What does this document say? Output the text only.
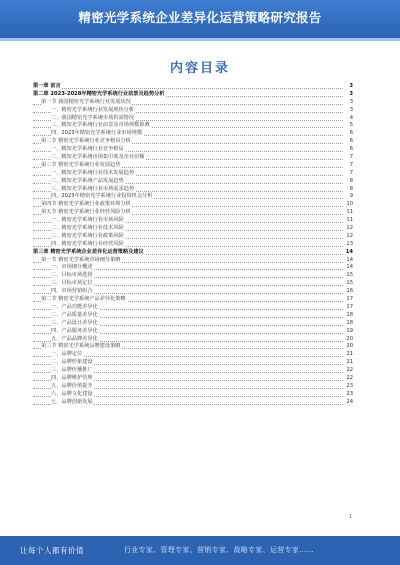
精密光学系统企业差异化运营策略研究报告
内容目录
第一章 前言	3
第二章 2023-2028年精密光学系统行业前景及趋势分析	3
第一节 我国精密光学系统行业发展状况	3
一、精密光学系统行业发展现状分析	3
二、我国精密光学系统市场供需情况	4
三、精密光学系统行业前景及市场规模预测	5
四、2023年精密光学系统行业市场规模	6
第二节 精密光学系统行业竞争格局分析	6
一、精密光学系统行业竞争格局	6
二、精密光学系统市场集中度及企业份额	7
第三节 精密光学系统行业发展趋势	7
一、精密光学系统行业技术发展趋势	7
二、精密光学系统产品发展趋势	8
三、精密光学系统行业市场需求趋势	8
四、2023年精密光学系统行业投资机会分析	9
第四节 精密光学系统行业政策环境分析	10
第五节 精密光学系统行业经营风险分析	11
一、精密光学系统行业市场风险	11
二、精密光学系统行业技术风险	12
三、精密光学系统行业政策风险	12
四、精密光学系统行业经营风险	13
第三章 精密光学系统企业差异化运营策略及建议	14
第一节 精密光学系统市场细分策略	14
一、市场细分概述	14
二、目标市场选择	15
三、目标市场定位	15
四、市场营销组合	16
第二节 精密光学系统产品差异化策略	17
一、产品功能差异化	17
二、产品质量差异化	18
三、产品设计差异化	18
四、产品服务差异化	19
五、产品品牌差异化	20
第三节 精密光学系统品牌建设策略	20
一、品牌定位	21
二、品牌形象建设	21
三、品牌传播推广	22
四、品牌维护管理	22
五、品牌价值提升	23
六、品牌文化建设	23
七、品牌创新发展	24
1
让每个人都有价值	行业专家、管理专家、营销专家、战略专家、运营专家……
